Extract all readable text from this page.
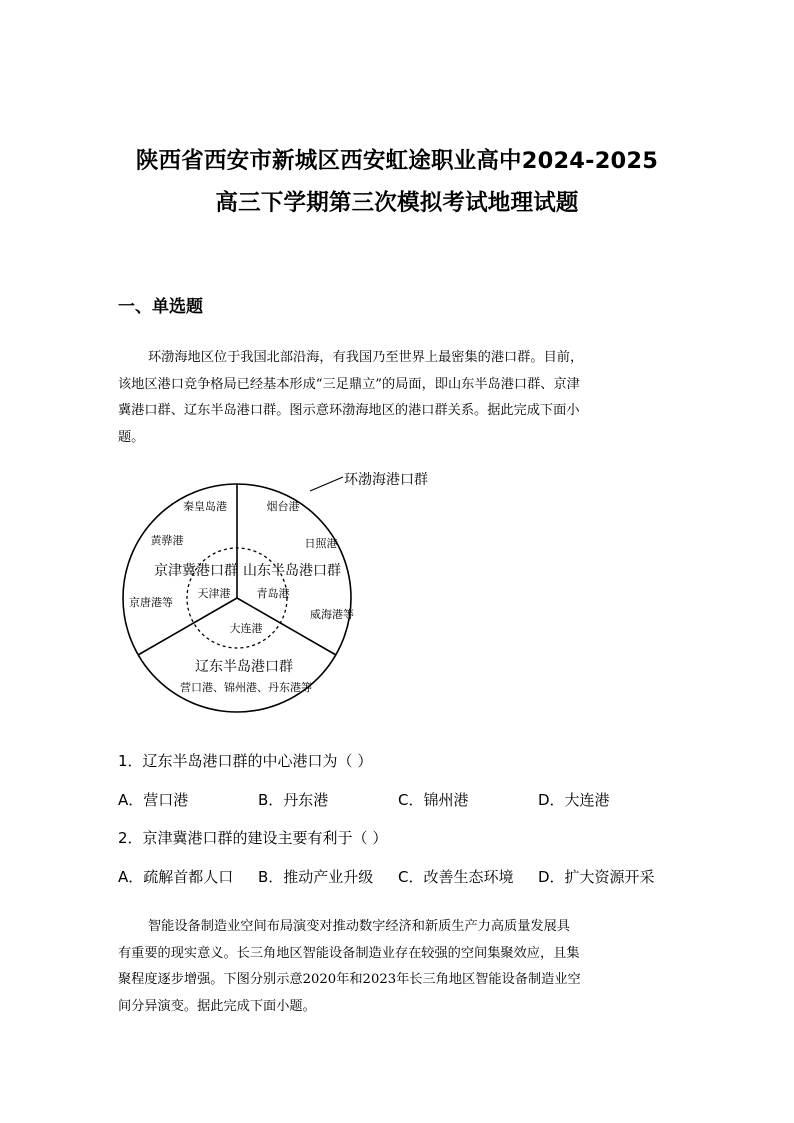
陕西省西安市新城区西安虹途职业高中2024-2025
高三下学期第三次模拟考试地理试题
一、单选题
环渤海地区位于我国北部沿海，有我国乃至世界上最密集的港口群。目前，
该地区港口竞争格局已经基本形成“三足鼎立”的局面，即山东半岛港口群、京津
冀港口群、辽东半岛港口群。图示意环渤海地区的港口群关系。据此完成下面小
题。
环渤海港口群
秦皇岛港
黄骅港
京津冀港口群
天津港
京唐港等
烟台港
日照港
山东半岛港口群
青岛港
威海港等
大连港
辽东半岛港口群
营口港、锦州港、丹东港等
1．辽东半岛港口群的中心港口为（ ）
A．营口港	B．丹东港	C．锦州港	D．大连港
2．京津冀港口群的建设主要有利于（ ）
A．疏解首都人口 B．推动产业升级 C．改善生态环境 D．扩大资源开采
智能设备制造业空间布局演变对推动数字经济和新质生产力高质量发展具
有重要的现实意义。长三角地区智能设备制造业存在较强的空间集聚效应，且集
聚程度逐步增强。下图分别示意2020年和2023年长三角地区智能设备制造业空
间分异演变。据此完成下面小题。
